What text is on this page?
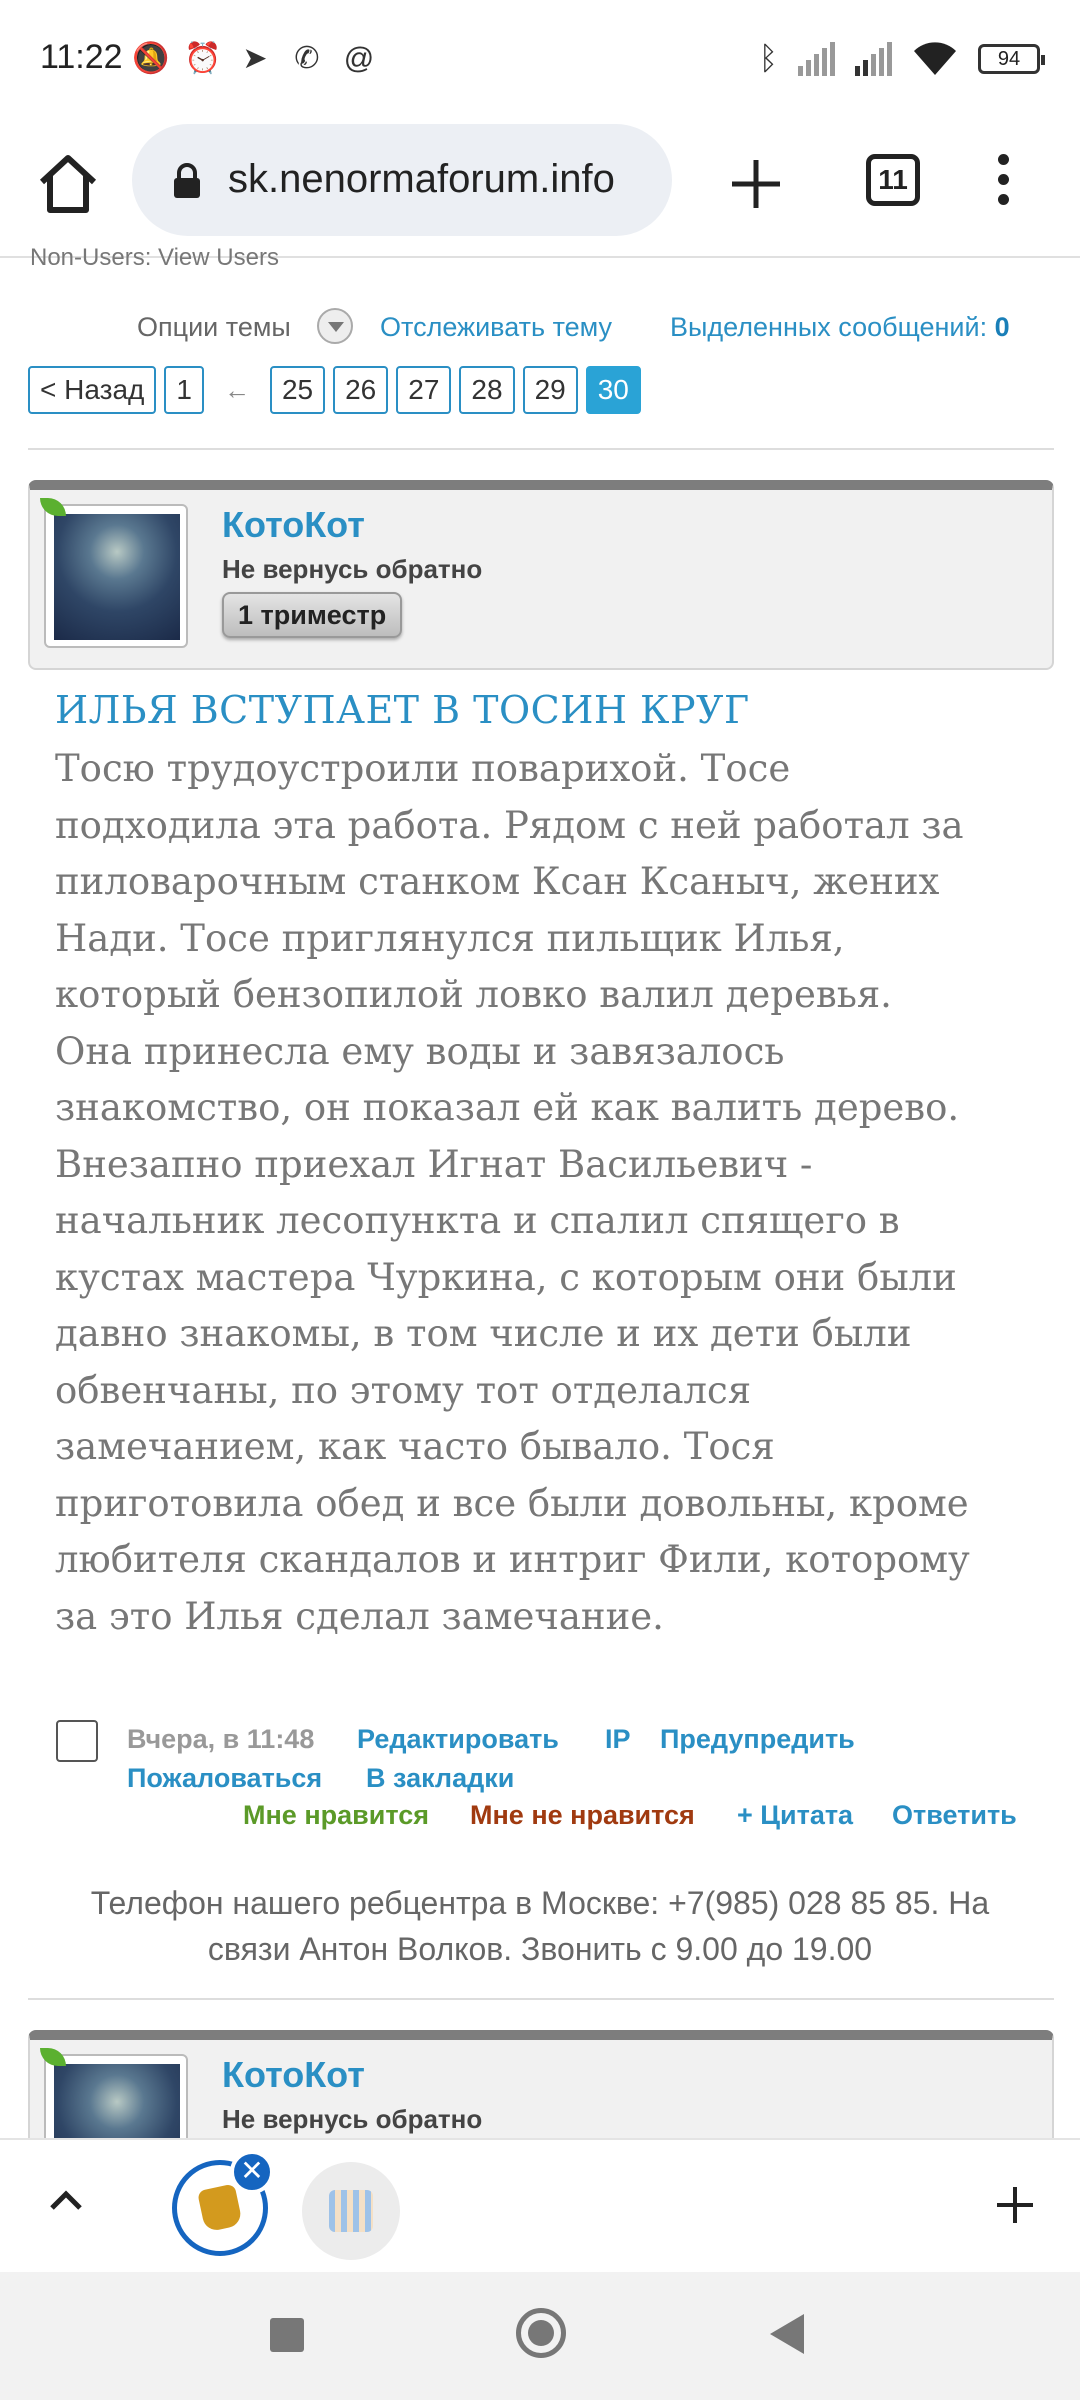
11:22 🔕 ⏰ ➤ ✆ @	ᛒ	94
sk.nenormaforum.info	11
Non-Users: View Users
Опции темы	Отслеживать тему Выделенных сообщений: 0
< Назад	1	←	25	26	27	28	29	30
КотоКот
Не вернусь обратно
1 триместр
ИЛЬЯ ВСТУПАЕТ В ТОСИН КРУГ
Тосю трудоустроили поварихой. Тосе
подходила эта работа. Рядом с ней работал за
пиловарочным станком Ксан Ксаныч, жених
Нади. Тосе приглянулся пильщик Илья,
который бензопилой ловко валил деревья.
Она принесла ему воды и завязалось
знакомство, он показал ей как валить дерево.
Внезапно приехал Игнат Васильевич -
начальник лесопункта и спалил спящего в
кустах мастера Чуркина, с которым они были
давно знакомы, в том числе и их дети были
обвенчаны, по этому тот отделался
замечанием, как часто бывало. Тося
приготовила обед и все были довольны, кроме
любителя скандалов и интриг Фили, которому
за это Илья сделал замечание.
Вчера, в 11:48 Редактировать IP Предупредить
Пожаловаться В закладки
Мне нравится Мне не нравится + Цитата Ответить
Телефон нашего ребцентра в Москве: +7(985) 028 85 85. На
связи Антон Волков. Звонить с 9.00 до 19.00
КотоКот
Не вернусь обратно
✕
